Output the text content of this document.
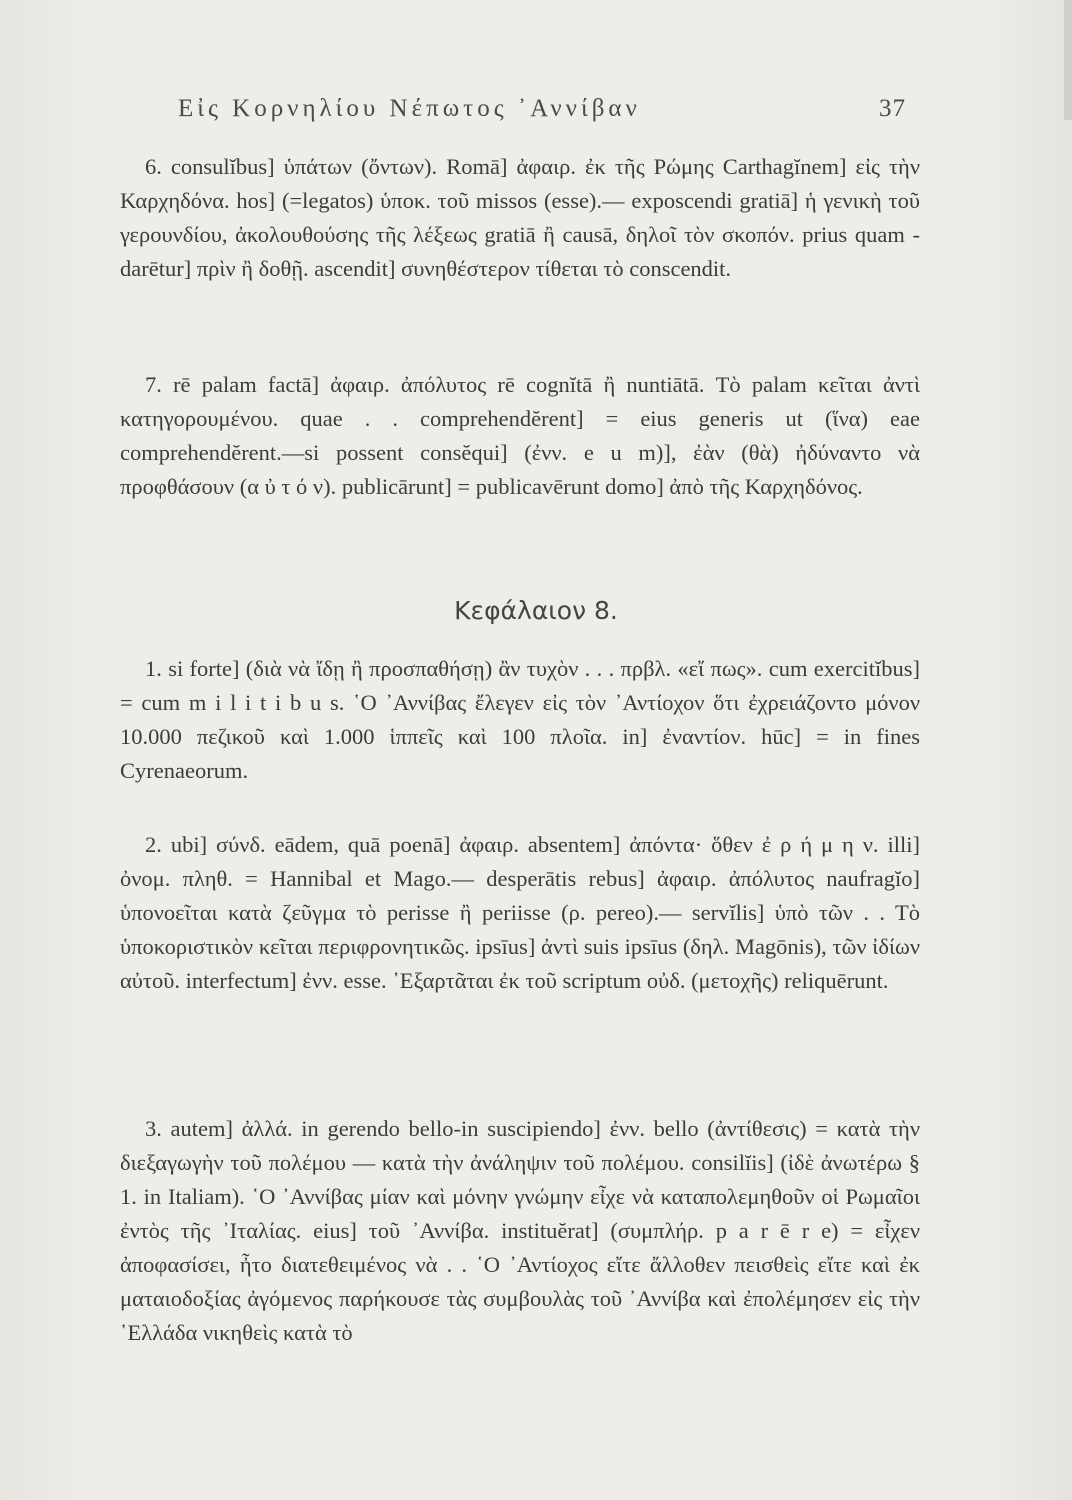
Εἰς Κορνηλίου Νέπωτος ᾿Αννίβαν	37

6. consulĭbus] ὑπάτων (ὄντων). Romā] ἀφαιρ. ἐκ τῆς Ρώμης Carthagĭnem] εἰς τὴν Καρχηδόνα. hos] (=legatos) ὑποκ. τοῦ missos (esse).— exposcendi gratiā] ἡ γενικὴ τοῦ γερουνδίου, ἀκολουθούσης τῆς λέξεως gratiā ἢ causā, δηλοῖ τὸν σκοπόν. prius quam - darētur] πρὶν ἢ δοθῇ. ascendit] συνηθέστερον τίθεται τὸ conscendit.

7. rē palam factā] ἀφαιρ. ἀπόλυτος rē cognĭtā ἢ nuntiātā. Τὸ palam κεῖται ἀντὶ κατηγορουμένου. quae . . comprehendĕrent] = eius generis ut (ἵνα) eae comprehendĕrent.—si possent consĕqui] (ἐνν. e u m)], ἐὰν (θὰ) ἠδύναντο νὰ προφθάσουν (α ὐ τ ό ν). publicārunt] = publicavērunt domo] ἀπὸ τῆς Καρχηδόνος.

Κεφάλαιον 8.

1. si forte] (διὰ νὰ ἴδῃ ἢ προσπαθήσῃ) ἂν τυχὸν . . . πρβλ. «εἴ πως». cum exercitĭbus] = cum m i l i t i b u s. ῾Ο ᾿Αννίβας ἔλεγεν εἰς τὸν ᾿Αντίοχον ὅτι ἐχρειάζοντο μόνον 10.000 πεζικοῦ καὶ 1.000 ἱππεῖς καὶ 100 πλοῖα. in] ἐναντίον. hūc] = in fines Cyrenaeorum.

2. ubi] σύνδ. eādem, quā poenā] ἀφαιρ. absentem] ἀπόντα· ὅθεν ἐ ρ ή μ η ν. illi] ὀνομ. πληθ. = Hannibal et Mago.— desperātis rebus] ἀφαιρ. ἀπόλυτος naufragĭo] ὑπονοεῖται κατὰ ζεῦγμα τὸ perisse ἢ periisse (ρ. pereo).— servĭlis] ὑπὸ τῶν . . Τὸ ὑποκοριστικὸν κεῖται περιφρονητικῶς. ipsīus] ἀντὶ suis ipsīus (δηλ. Magōnis), τῶν ἰδίων αὐτοῦ. interfectum] ἐνν. esse. ᾿Εξαρτᾶται ἐκ τοῦ scriptum οὐδ. (μετοχῆς) reliquērunt.

3. autem] ἀλλά. in gerendo bello-in suscipiendo] ἐνν. bello (ἀντίθεσις) = κατὰ τὴν διεξαγωγὴν τοῦ πολέμου — κατὰ τὴν ἀνάληψιν τοῦ πολέμου. consilĭis] (ἰδὲ ἀνωτέρω § 1. in Italiam). ῾Ο ᾿Αννίβας μίαν καὶ μόνην γνώμην εἶχε νὰ καταπολεμηθοῦν οἱ Ρωμαῖοι ἐντὸς τῆς ᾿Ιταλίας. eius] τοῦ ᾿Αννίβα. instituĕrat] (συμπλήρ. p a r ē r e) = εἶχεν ἀποφασίσει, ἦτο διατεθειμένος νὰ . . ῾Ο ᾿Αντίοχος εἴτε ἄλλοθεν πεισθεὶς εἴτε καὶ ἐκ ματαιοδοξίας ἀγόμενος παρήκουσε τὰς συμβουλὰς τοῦ ᾿Αννίβα καὶ ἐπολέμησεν εἰς τὴν ῾Ελλάδα νικηθεὶς κατὰ τὸ
